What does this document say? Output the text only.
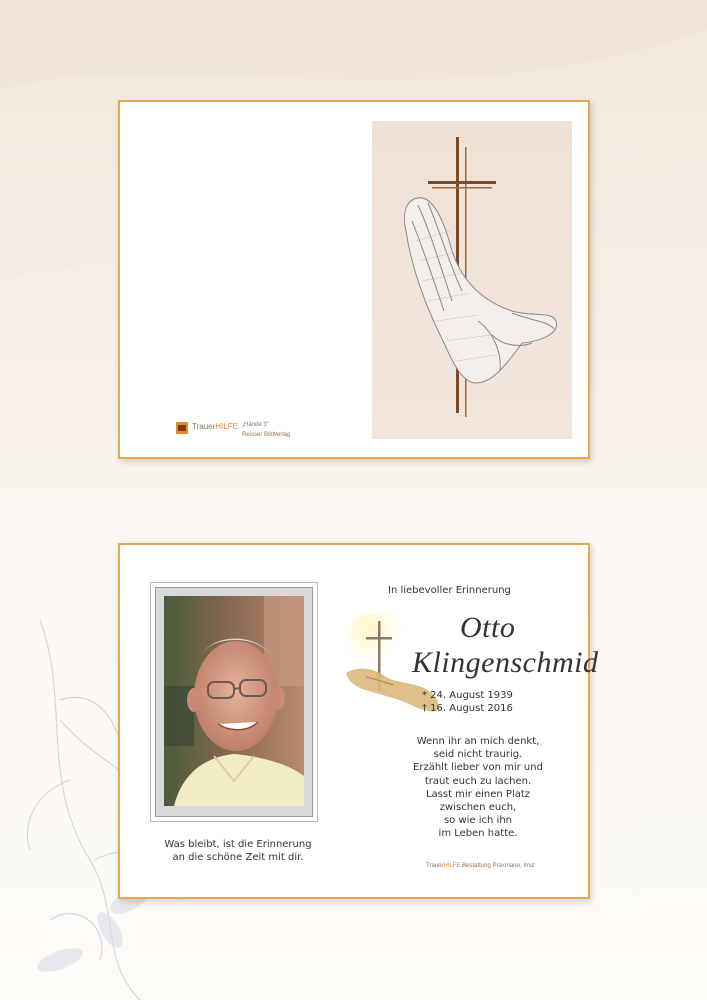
TrauerHILFE „Hände 3"
Reisser Bildverlag
Was bleibt, ist die Erinnerung
an die schöne Zeit mit dir.
In liebevoller Erinnerung
Otto
Klingenschmid
* 24. August 1939
† 16. August 2016
Wenn ihr an mich denkt,
seid nicht traurig.
Erzählt lieber von mir und
traut euch zu lachen.
Lasst mir einen Platz
zwischen euch,
so wie ich ihn
im Leben hatte.
TrauerHILFE Bestattung Praxmarer, Imst
